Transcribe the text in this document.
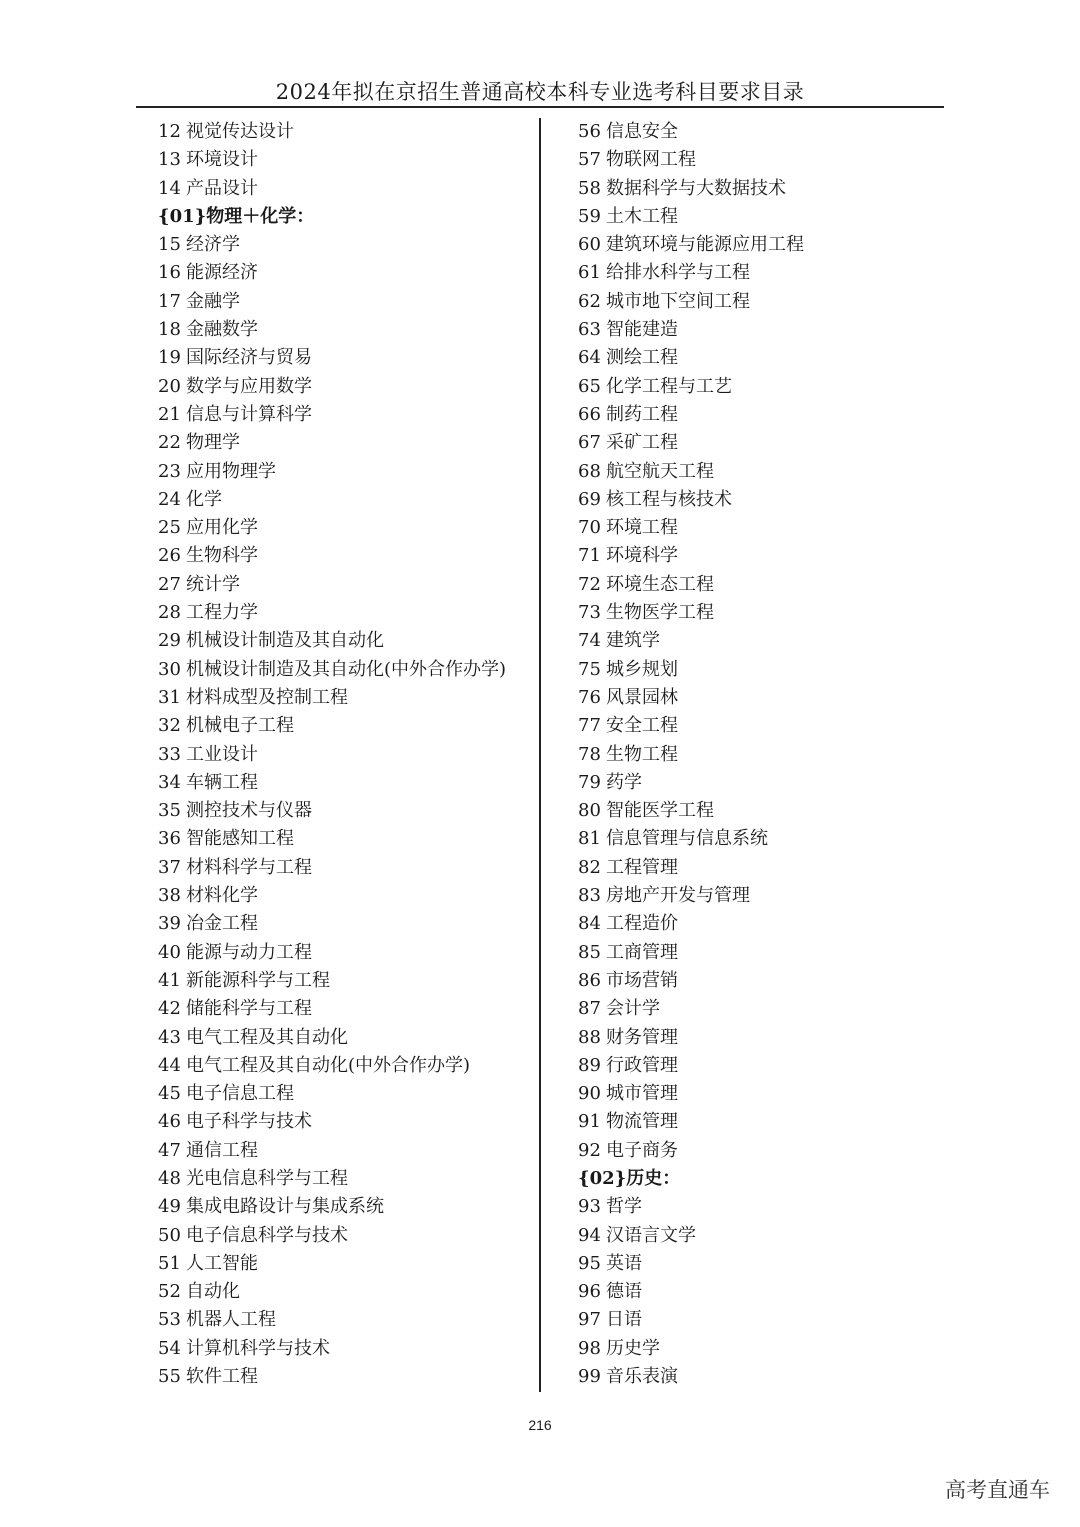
2024年拟在京招生普通高校本科专业选考科目要求目录
12 视觉传达设计
13 环境设计
14 产品设计
{01}物理＋化学：
15 经济学
16 能源经济
17 金融学
18 金融数学
19 国际经济与贸易
20 数学与应用数学
21 信息与计算科学
22 物理学
23 应用物理学
24 化学
25 应用化学
26 生物科学
27 统计学
28 工程力学
29 机械设计制造及其自动化
30 机械设计制造及其自动化(中外合作办学)
31 材料成型及控制工程
32 机械电子工程
33 工业设计
34 车辆工程
35 测控技术与仪器
36 智能感知工程
37 材料科学与工程
38 材料化学
39 冶金工程
40 能源与动力工程
41 新能源科学与工程
42 储能科学与工程
43 电气工程及其自动化
44 电气工程及其自动化(中外合作办学)
45 电子信息工程
46 电子科学与技术
47 通信工程
48 光电信息科学与工程
49 集成电路设计与集成系统
50 电子信息科学与技术
51 人工智能
52 自动化
53 机器人工程
54 计算机科学与技术
55 软件工程
56 信息安全
57 物联网工程
58 数据科学与大数据技术
59 土木工程
60 建筑环境与能源应用工程
61 给排水科学与工程
62 城市地下空间工程
63 智能建造
64 测绘工程
65 化学工程与工艺
66 制药工程
67 采矿工程
68 航空航天工程
69 核工程与核技术
70 环境工程
71 环境科学
72 环境生态工程
73 生物医学工程
74 建筑学
75 城乡规划
76 风景园林
77 安全工程
78 生物工程
79 药学
80 智能医学工程
81 信息管理与信息系统
82 工程管理
83 房地产开发与管理
84 工程造价
85 工商管理
86 市场营销
87 会计学
88 财务管理
89 行政管理
90 城市管理
91 物流管理
92 电子商务
{02}历史：
93 哲学
94 汉语言文学
95 英语
96 德语
97 日语
98 历史学
99 音乐表演
216
高考直通车
